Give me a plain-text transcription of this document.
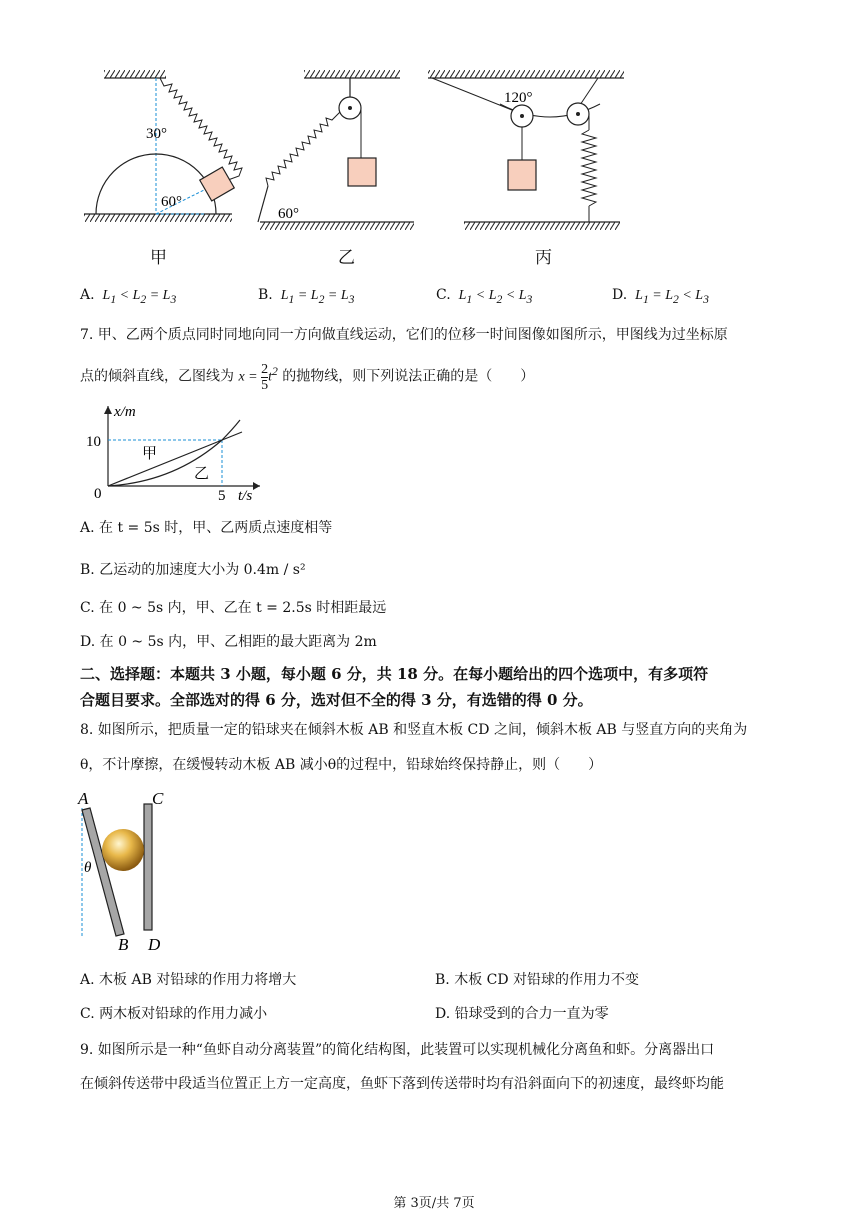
30°
60°
60°
120°
甲	乙	丙
A.  $L_1 < L_2 = L_3$	B.  $L_1 = L_2 = L_3$	C.  $L_1 < L_2 < L_3$	D.  $L_1 = L_2 < L_3$
7. 甲、乙两个质点同时同地向同一方向做直线运动，它们的位移一时间图像如图所示，甲图线为过坐标原
点的倾斜直线，乙图线为 $x = \frac{2}{5} t^2$ 的抛物线，则下列说法正确的是（　　）
x/m
10
0	5 t/s
甲
乙
A. 在 t = 5s 时，甲、乙两质点速度相等
B. 乙运动的加速度大小为 0.4m / s²
C. 在 0 ~ 5s 内，甲、乙在 t = 2.5s 时相距最远
D. 在 0 ~ 5s 内，甲、乙相距的最大距离为 2m
二、选择题：本题共 3 小题，每小题 6 分，共 18 分。在每小题给出的四个选项中，有多项符
合题目要求。全部选对的得 6 分，选对但不全的得 3 分，有选错的得 0 分。
8. 如图所示，把质量一定的铅球夹在倾斜木板 AB 和竖直木板 CD 之间，倾斜木板 AB 与竖直方向的夹角为
θ，不计摩擦，在缓慢转动木板 AB 减小θ的过程中，铅球始终保持静止，则（　　）
A	C
θ
B D
A. 木板 AB 对铅球的作用力将增大	B. 木板 CD 对铅球的作用力不变
C. 两木板对铅球的作用力减小	D. 铅球受到的合力一直为零
9. 如图所示是一种“鱼虾自动分离装置”的简化结构图，此装置可以实现机械化分离鱼和虾。分离器出口
在倾斜传送带中段适当位置正上方一定高度，鱼虾下落到传送带时均有沿斜面向下的初速度，最终虾均能
第 3页/共 7页
